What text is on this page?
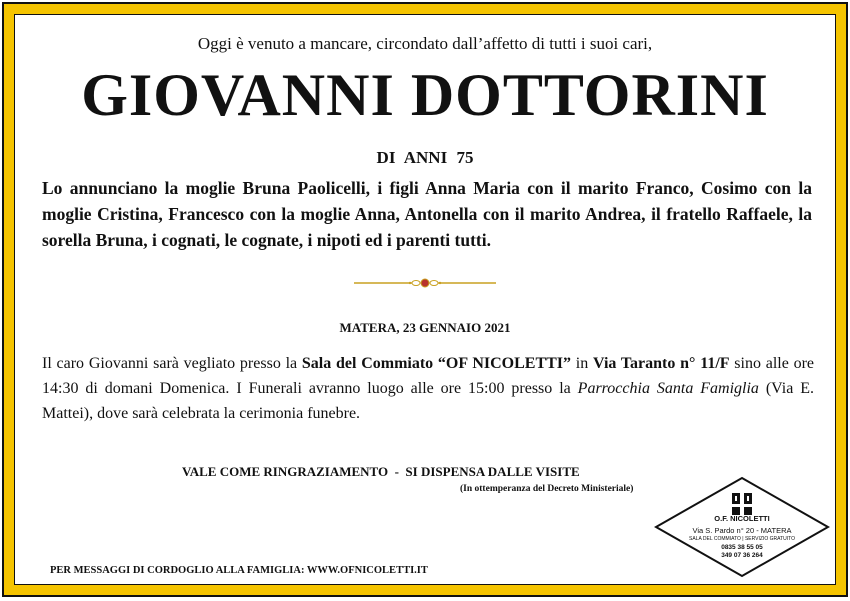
Oggi è venuto a mancare, circondato dall’affetto di tutti i suoi cari,
GIOVANNI DOTTORINI
DI ANNI 75
Lo annunciano la moglie Bruna Paolicelli, i figli Anna Maria con il marito Franco, Cosimo con la moglie Cristina, Francesco con la moglie Anna, Antonella con il marito Andrea, il fratello Raffaele, la sorella Bruna, i cognati, le cognate, i nipoti ed i parenti tutti.
MATERA, 23 GENNAIO 2021
Il caro Giovanni sarà vegliato presso la Sala del Commiato “OF NICOLETTI” in Via Taranto n° 11/F sino alle ore 14:30 di domani Domenica. I Funerali avranno luogo alle ore 15:00 presso la Parrocchia Santa Famiglia (Via E. Mattei), dove sarà celebrata la cerimonia funebre.
VALE COME RINGRAZIAMENTO  -  SI DISPENSA DALLE VISITE
(In ottemperanza del Decreto Ministeriale)
PER MESSAGGI DI CORDOGLIO ALLA FAMIGLIA: WWW.OFNICOLETTI.IT
O.F. NICOLETTI
Via S. Pardo n° 20 - MATERA
SALA DEL COMMIATO | SERVIZIO GRATUITO
0835 38 55 05
349 07 36 264
